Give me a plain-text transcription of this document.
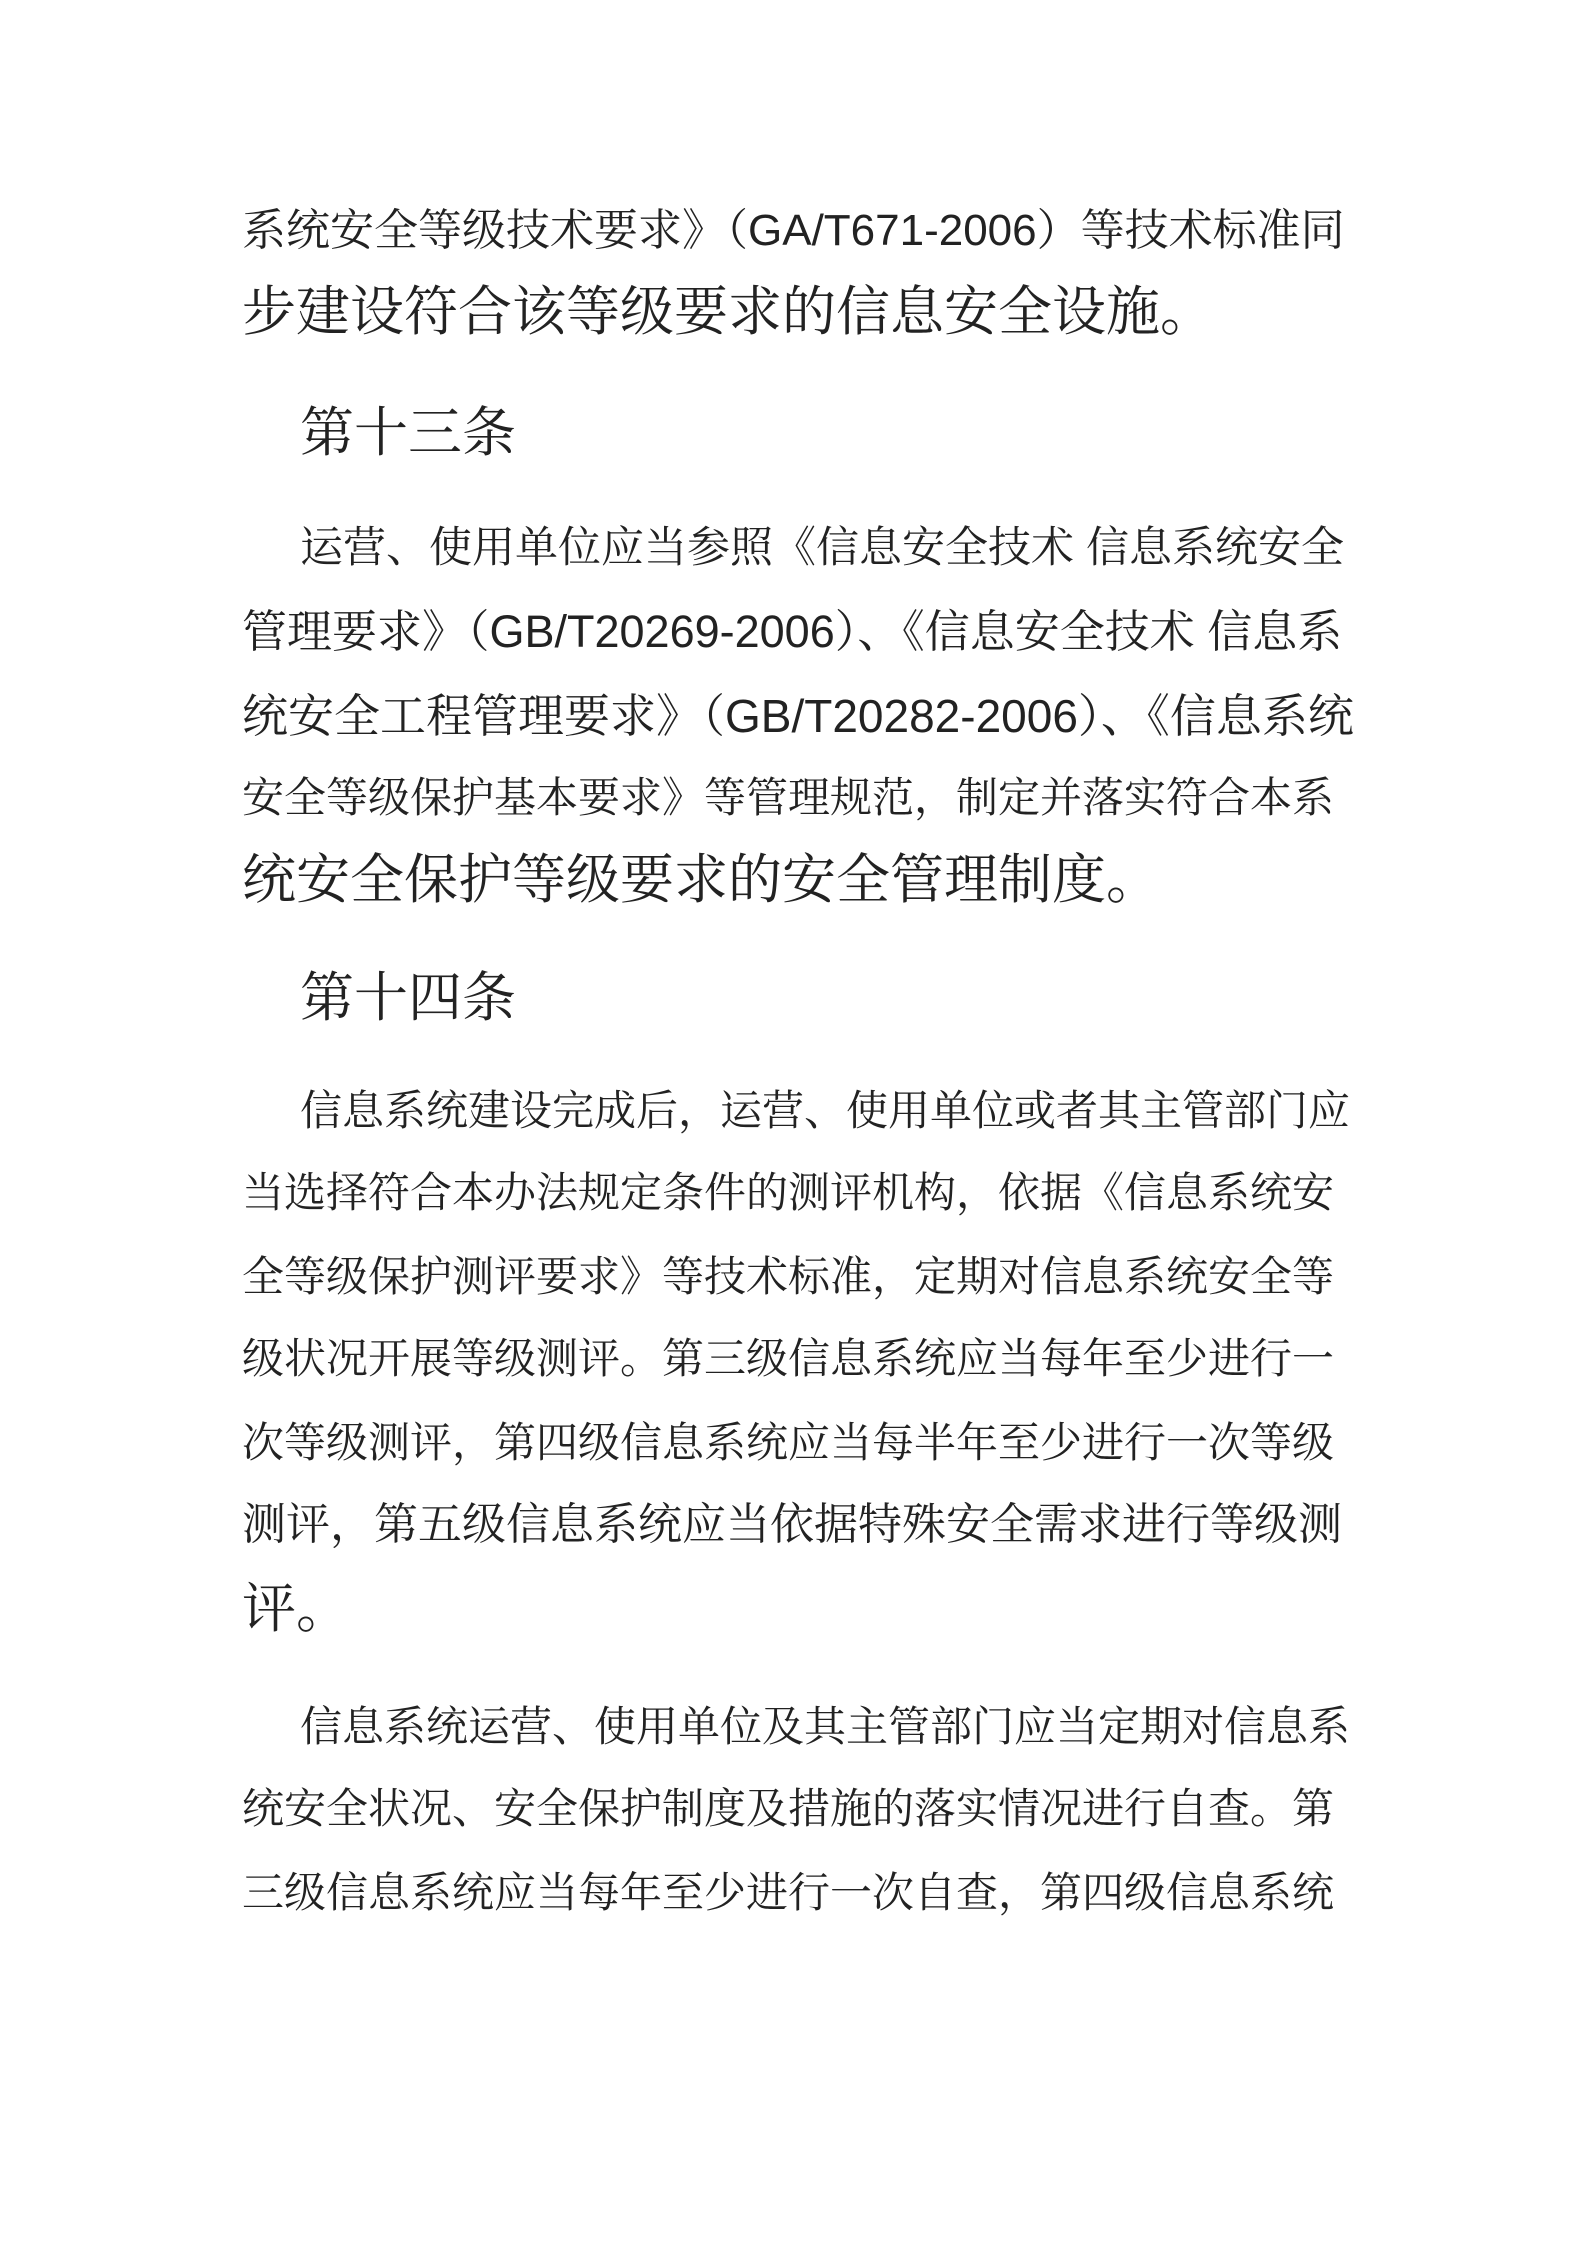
系统安全等级技术要求》（GA/T671-2006）等技术标准同
步建设符合该等级要求的信息安全设施。
第十三条
运营、使用单位应当参照《信息安全技术 信息系统安全
管理要求》（GB/T20269-2006）、《信息安全技术 信息系
统安全工程管理要求》（GB/T20282-2006）、《信息系统
安全等级保护基本要求》等管理规范，制定并落实符合本系
统安全保护等级要求的安全管理制度。
第十四条
信息系统建设完成后，运营、使用单位或者其主管部门应
当选择符合本办法规定条件的测评机构，依据《信息系统安
全等级保护测评要求》等技术标准，定期对信息系统安全等
级状况开展等级测评。第三级信息系统应当每年至少进行一
次等级测评，第四级信息系统应当每半年至少进行一次等级
测评，第五级信息系统应当依据特殊安全需求进行等级测
评。
信息系统运营、使用单位及其主管部门应当定期对信息系
统安全状况、安全保护制度及措施的落实情况进行自查。第
三级信息系统应当每年至少进行一次自查，第四级信息系统
